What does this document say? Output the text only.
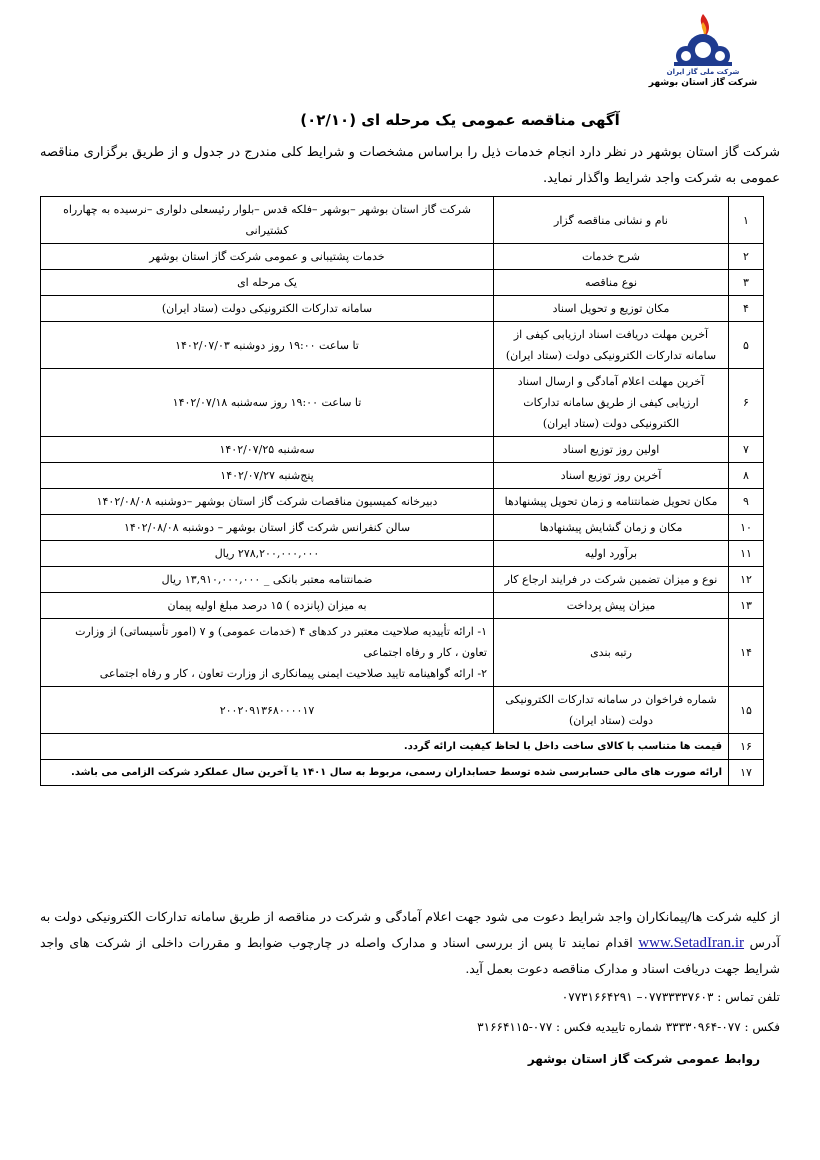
شرکت ملی گاز ایران
شرکت گاز استان بوشهر
آگهی مناقصه عمومی یک مرحله ای (۰۲/۱۰)
شرکت گاز استان بوشهر در نظر دارد انجام خدمات ذیل را براساس مشخصات و شرایط کلی مندرج در جدول و از طریق برگزاری مناقصه عمومی به شرکت واجد شرایط واگذار نماید.
۱	نام و نشانی مناقصه گزار	شرکت گاز استان بوشهر –بوشهر –فلکه قدس –بلوار رئیسعلی دلواری –نرسیده به چهارراه کشتیرانی
۲	شرح خدمات	خدمات پشتیبانی و عمومی شرکت گاز استان بوشهر
۳	نوع مناقصه	یک مرحله ای
۴	مکان توزیع و تحویل اسناد	سامانه تدارکات الکترونیکی دولت (ستاد ایران)
۵	آخرین مهلت دریافت اسناد ارزیابی کیفی از سامانه تدارکات الکترونیکی دولت (ستاد ایران)	تا ساعت ۱۹:۰۰ روز دوشنبه ۱۴۰۲/۰۷/۰۳
۶	آخرین مهلت اعلام آمادگی و ارسال اسناد ارزیابی کیفی از طریق سامانه تدارکات الکترونیکی دولت (ستاد ایران)	تا ساعت ۱۹:۰۰ روز سه‌شنبه ۱۴۰۲/۰۷/۱۸
۷	اولین روز توزیع اسناد	سه‌شنبه ۱۴۰۲/۰۷/۲۵
۸	آخرین روز توزیع اسناد	پنج‌شنبه ۱۴۰۲/۰۷/۲۷
۹	مکان تحویل ضمانتنامه و زمان تحویل پیشنهادها	دبیرخانه کمیسیون مناقصات شرکت گاز استان بوشهر –دوشنبه ۱۴۰۲/۰۸/۰۸
۱۰	مکان و زمان گشایش پیشنهادها	سالن کنفرانس شرکت گاز استان بوشهر – دوشنبه ۱۴۰۲/۰۸/۰۸
۱۱	برآورد اولیه	۲۷۸,۲۰۰,۰۰۰,۰۰۰ ریال
۱۲	نوع و میزان تضمین شرکت در فرایند ارجاع کار	ضمانتنامه معتبر بانکی _ ۱۳,۹۱۰,۰۰۰,۰۰۰ ریال
۱۳	میزان پیش پرداخت	به میزان (پانزده ) ۱۵ درصد مبلغ اولیه پیمان
۱۴	رتبه بندی	۱- ارائه تأییدیه صلاحیت معتبر در کدهای ۴ (خدمات عمومی) و ۷ (امور تأسیساتی) از وزارت تعاون ، کار و رفاه اجتماعی
۲- ارائه گواهینامه تایید صلاحیت ایمنی پیمانکاری از وزارت تعاون ، کار و رفاه اجتماعی
۱۵	شماره فراخوان در سامانه تدارکات الکترونیکی دولت (ستاد ایران)	۲۰۰۲۰۹۱۳۶۸۰۰۰۰۱۷
۱۶	قیمت ها متناسب با کالای ساخت داخل با لحاظ کیفیت ارائه گردد.	
۱۷	ارائه صورت های مالی حسابرسی شده توسط حسابداران رسمی، مربوط به سال ۱۴۰۱ یا آخرین سال عملکرد شرکت الزامی می باشد.	
از کلیه شرکت ها/پیمانکاران واجد شرایط دعوت می شود جهت اعلام آمادگی و شرکت در مناقصه از طریق سامانه تدارکات الکترونیکی دولت به آدرس www.SetadIran.ir اقدام نمایند تا پس از بررسی اسناد و مدارک واصله در چارچوب ضوابط و مقررات داخلی از شرکت های واجد شرایط جهت دریافت اسناد و مدارک مناقصه دعوت بعمل آید.
تلفن تماس : ۰۷۷۳۳۳۳۷۶۰۳– ۰۷۷۳۱۶۶۴۲۹۱
فکس : ۰۷۷-۳۳۳۳۰۹۶۴ شماره تاییدیه فکس : ۰۷۷-۳۱۶۶۴۱۱۵
روابط عمومی شرکت گاز استان بوشهر
